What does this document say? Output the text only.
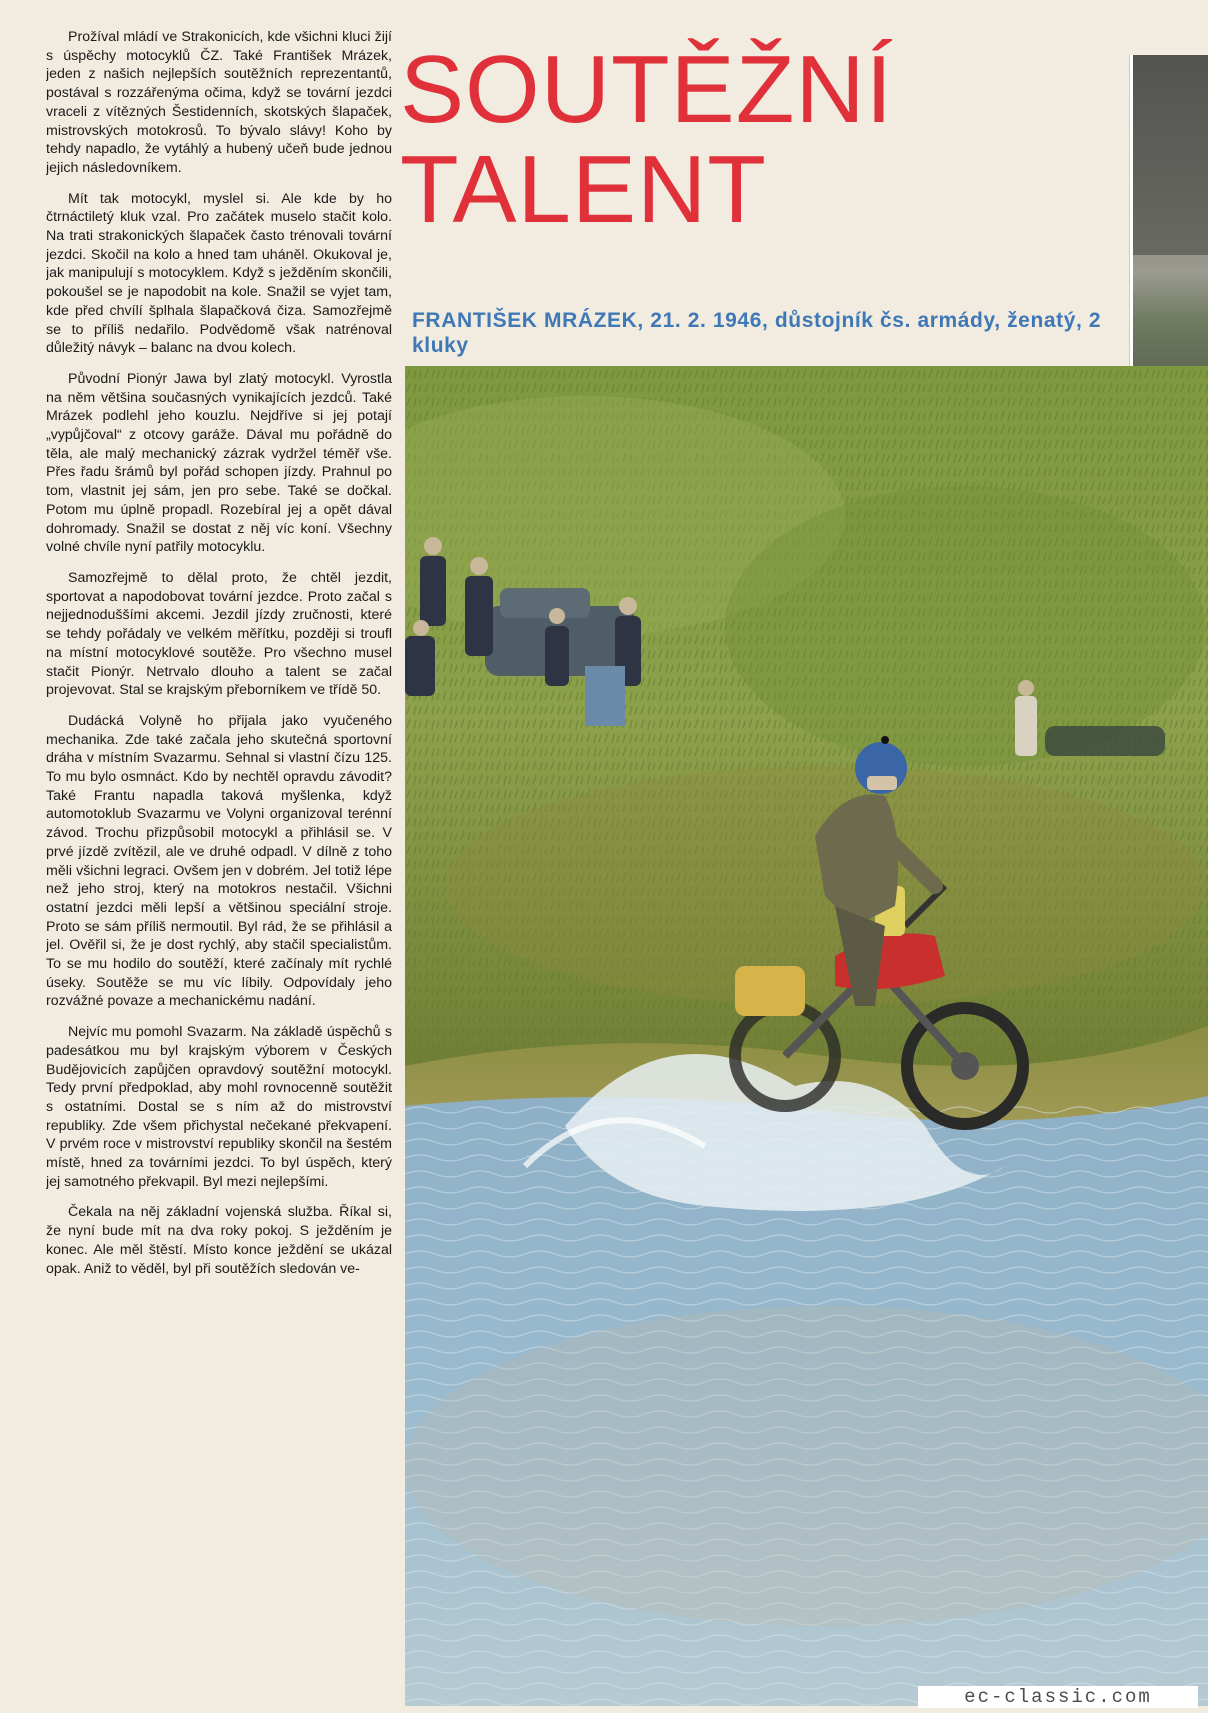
Prožíval mládí ve Strakonicích, kde všichni kluci žijí s úspěchy motocyklů ČZ. Také František Mrázek, jeden z našich nejlepších soutěžních reprezentantů, postával s rozzářenýma očima, když se tovární jezdci vraceli z vítězných Šestidenních, skotských šlapaček, mistrovských motokrosů. To bývalo slávy! Koho by tehdy napadlo, že vytáhlý a hubený učeň bude jednou jejich následovníkem.

Mít tak motocykl, myslel si. Ale kde by ho čtrnáctiletý kluk vzal. Pro začátek muselo stačit kolo. Na trati strakonických šlapaček často trénovali tovární jezdci. Skočil na kolo a hned tam uháněl. Okukoval je, jak manipulují s motocyklem. Když s ježděním skončili, pokoušel se je napodobit na kole. Snažil se vyjet tam, kde před chvílí šplhala šlapačková čiza. Samozřejmě se to příliš nedařilo. Podvědomě však natrénoval důležitý návyk – balanc na dvou kolech.

Původní Pionýr Jawa byl zlatý motocykl. Vyrostla na něm většina současných vynikajících jezdců. Také Mrázek podlehl jeho kouzlu. Nejdříve si jej potají „vypůjčoval“ z otcovy garáže. Dával mu pořádně do těla, ale malý mechanický zázrak vydržel téměř vše. Přes řadu šrámů byl pořád schopen jízdy. Prahnul po tom, vlastnit jej sám, jen pro sebe. Také se dočkal. Potom mu úplně propadl. Rozebíral jej a opět dával dohromady. Snažil se dostat z něj víc koní. Všechny volné chvíle nyní patřily motocyklu.

Samozřejmě to dělal proto, že chtěl jezdit, sportovat a napodobovat tovární jezdce. Proto začal s nejjednoduššími akcemi. Jezdil jízdy zručnosti, které se tehdy pořádaly ve velkém měřítku, později si troufl na místní motocyklové soutěže. Pro všechno musel stačit Pionýr. Netrvalo dlouho a talent se začal projevovat. Stal se krajským přeborníkem ve třídě 50.

Dudácká Volyně ho přijala jako vyučeného mechanika. Zde také začala jeho skutečná sportovní dráha v místním Svazarmu. Sehnal si vlastní čízu 125. To mu bylo osmnáct. Kdo by nechtěl opravdu závodit? Také Frantu napadla taková myšlenka, když automotoklub Svazarmu ve Volyni organizoval terénní závod. Trochu přizpůsobil motocykl a přihlásil se. V prvé jízdě zvítězil, ale ve druhé odpadl. V dílně z toho měli všichni legraci. Ovšem jen v dobrém. Jel totiž lépe než jeho stroj, který na motokros nestačil. Všichni ostatní jezdci měli lepší a většinou speciální stroje. Proto se sám příliš nermoutil. Byl rád, že se přihlásil a jel. Ověřil si, že je dost rychlý, aby stačil specialistům. To se mu hodilo do soutěží, které začínaly mít rychlé úseky. Soutěže se mu víc líbily. Odpovídaly jeho rozvážné povaze a mechanickému nadání.

Nejvíc mu pomohl Svazarm. Na základě úspěchů s padesátkou mu byl krajským výborem v Českých Budějovicích zapůjčen opravdový soutěžní motocykl. Tedy první předpoklad, aby mohl rovnocenně soutěžit s ostatními. Dostal se s ním až do mistrovství republiky. Zde všem přichystal nečekané překvapení. V prvém roce v mistrovství republiky skončil na šestém místě, hned za továrními jezdci. To byl úspěch, který jej samotného překvapil. Byl mezi nejlepšími.

Čekala na něj základní vojenská služba. Říkal si, že nyní bude mít na dva roky pokoj. S ježděním je konec. Ale měl štěstí. Místo konce ježdění se ukázal opak. Aniž to věděl, byl při soutěžích sledován ve-

SOUTĚŽNÍ
TALENT

FRANTIŠEK MRÁZEK, 21. 2. 1946, důstojník čs. armády, ženatý, 2 kluky

ec-classic.com
